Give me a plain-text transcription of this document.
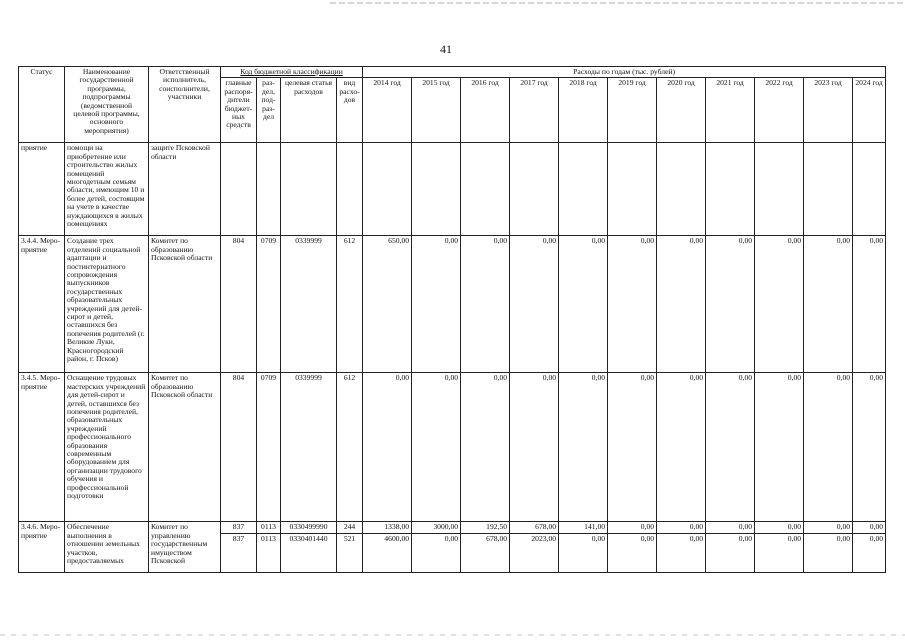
41
Статус	Наименование государственной программы, подпрограммы (ведомственной целевой программы, основного мероприятия)	Ответственный исполнитель, соисполнители, участники	Код бюджетной классификации				Расходы по годам (тыс. рублей)										
			главные распоря-дители бюджет-ных средств	раз-дел, под-раз-дел	целевая статья расходов	вид расхо-дов	2014 год	2015 год	2016 год	2017 год	2018 год	2019 год	2020 год	2021 год	2022 год	2023 год	2024 год
приятие	помощи на приобретение или строительство жилых помещений многодетным семьям области, имеющим 10 и более детей, состоящим на учете в качестве нуждающихся в жилых помещениях	защите Псковской области															
3.4.4. Меро-приятие	Создание трех отделений социальной адаптации и постинтернатного сопровождения выпускников государственных образовательных учреждений для детей-сирот и детей, оставшихся без попечения родителей (г. Великие Луки, Красногородский район, г. Псков)	Комитет по образованию Псковской области	804	0709	0339999	612	650,00	0,00	0,00	0,00	0,00	0,00	0,00	0,00	0,00	0,00	0,00
3.4.5. Меро-приятие	Оснащение трудовых мастерских учреждений для детей-сирот и детей, оставшихся без попечения родителей, образовательных учреждений профессионального образования современным оборудованием для организации трудового обучения и профессиональной подготовки	Комитет по образованию Псковской области	804	0709	0339999	612	0,00	0,00	0,00	0,00	0,00	0,00	0,00	0,00	0,00	0,00	0,00
3.4.6. Меро-приятие	Обеспечение выполнения в отношении земельных участков, предоставляемых	Комитет по управлению государственным имуществом Псковской	837	0113	0330499990	244	1338,00	3000,00	192,50	678,00	141,00	0,00	0,00	0,00	0,00	0,00	0,00
			837	0113	0330401440	521	4600,00	0,00	678,00	2023,00	0,00	0,00	0,00	0,00	0,00	0,00	0,00
